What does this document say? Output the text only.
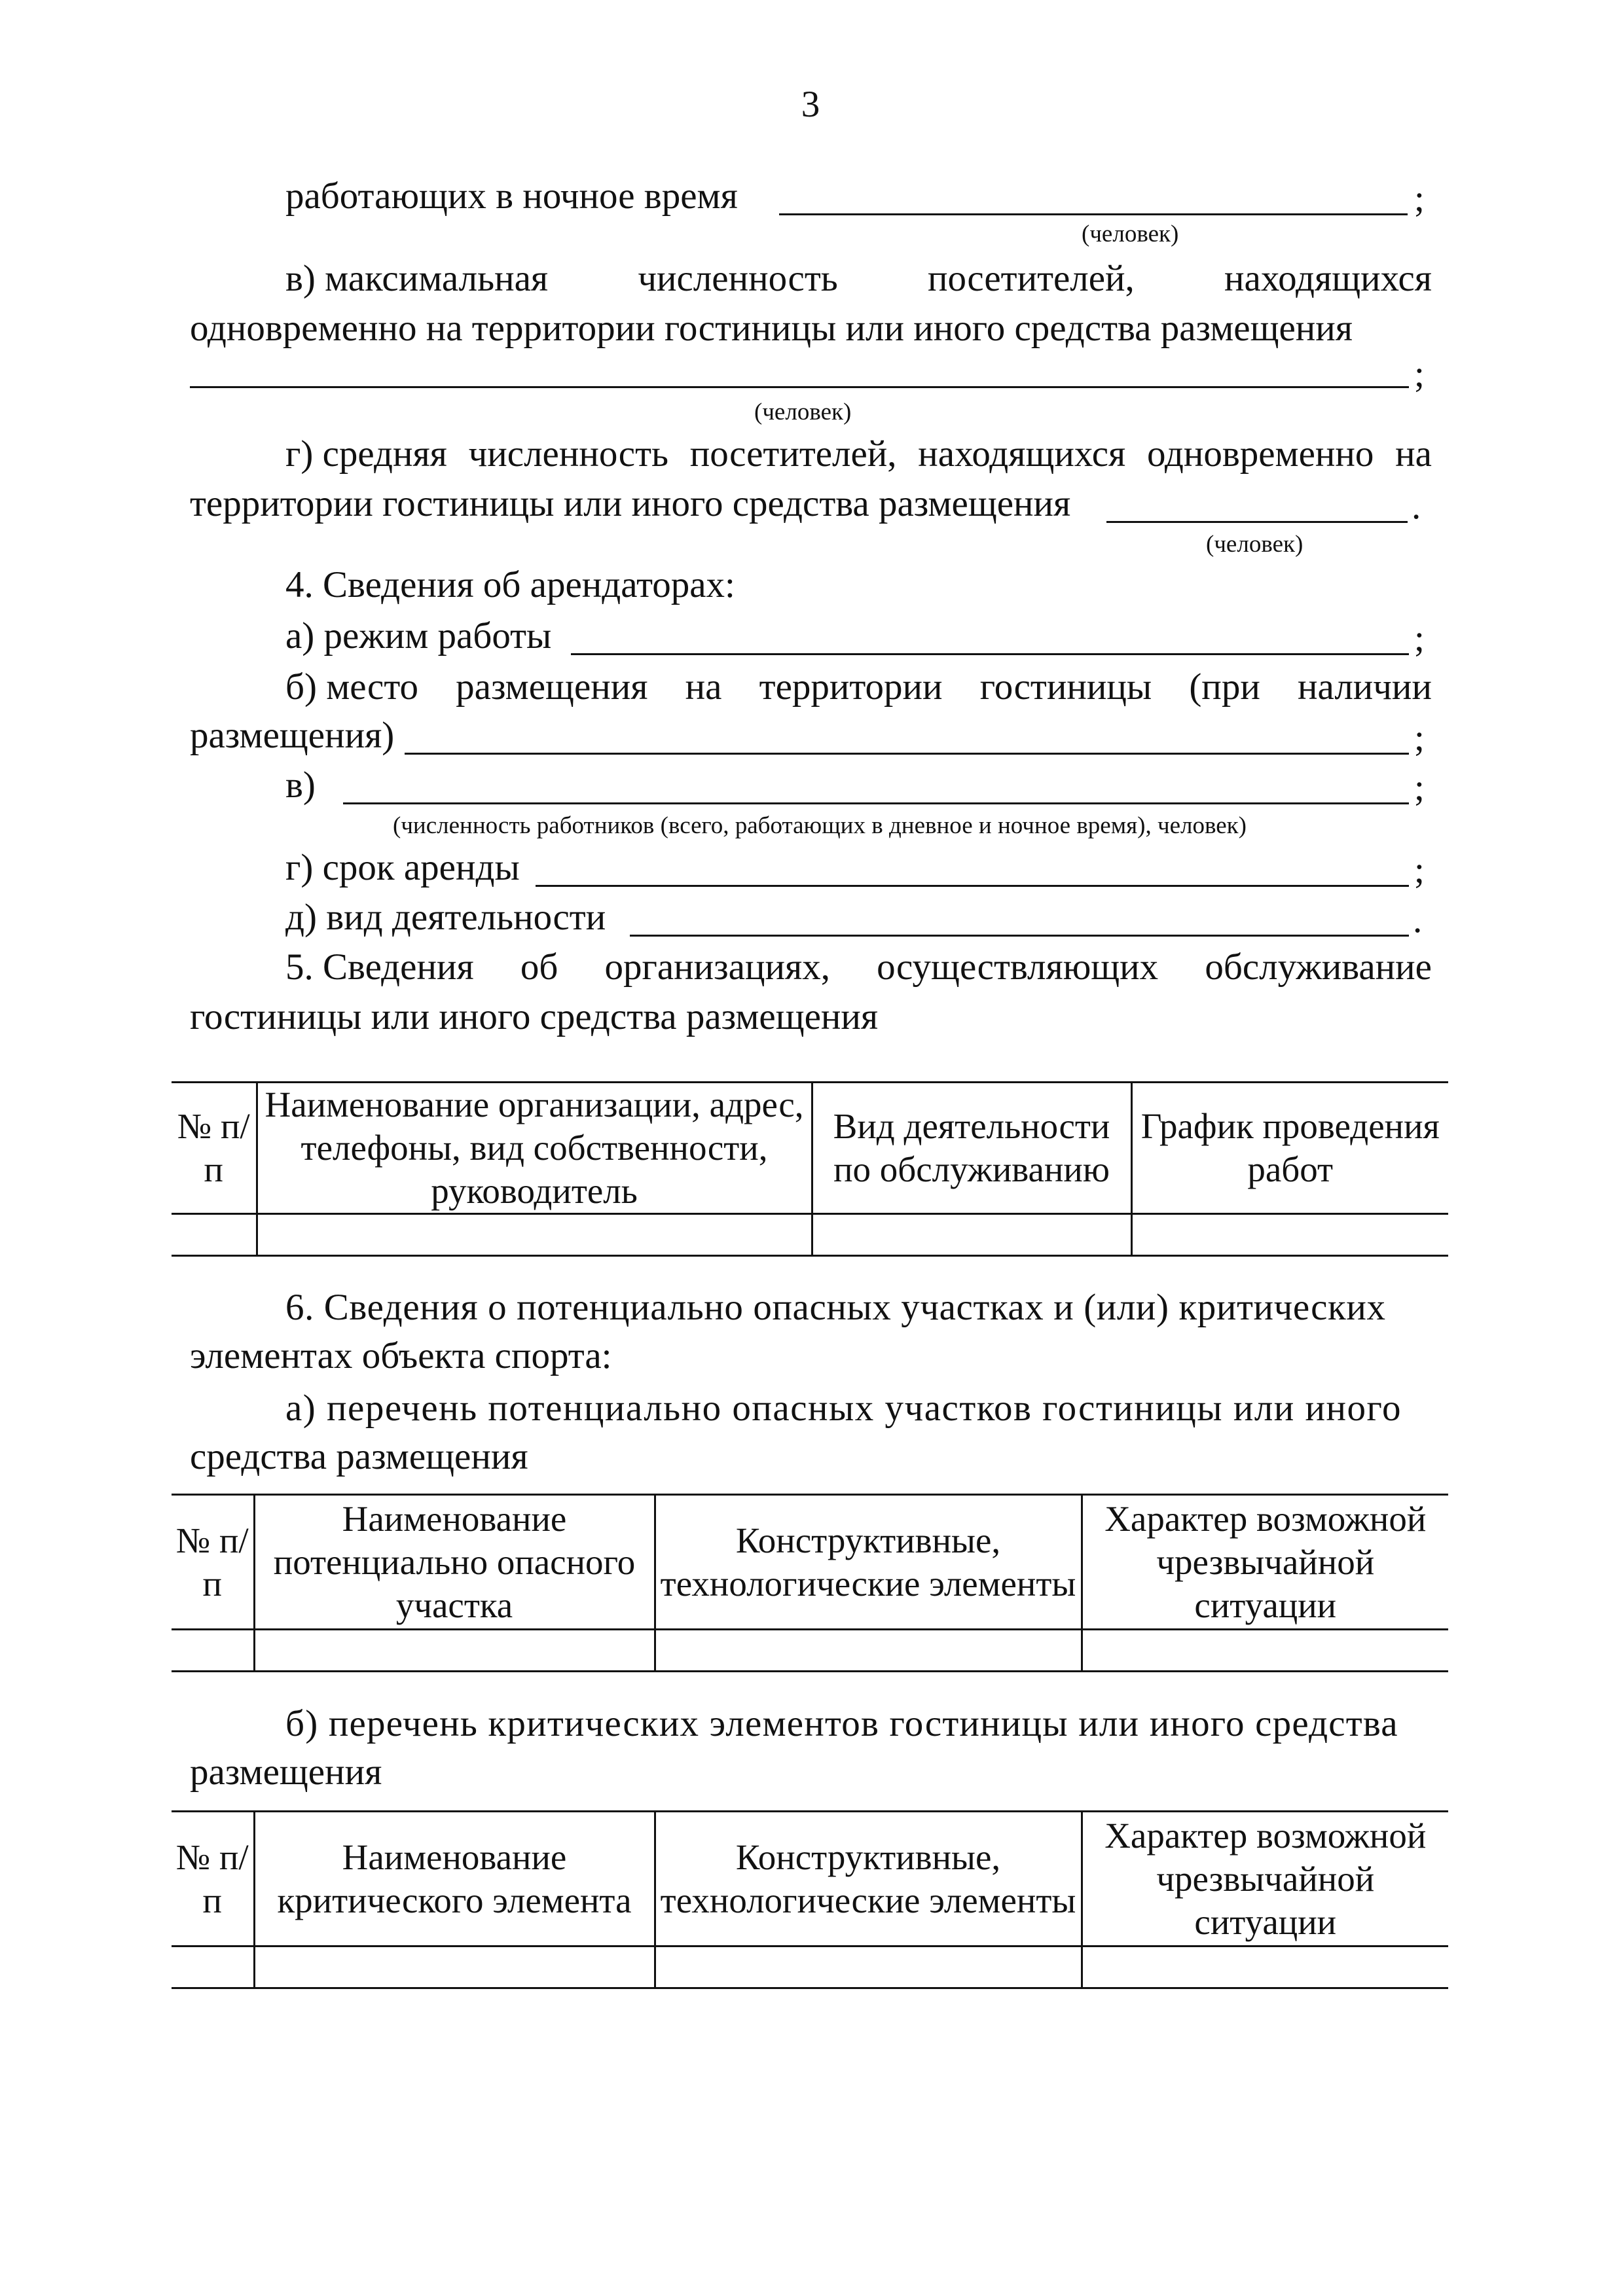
3
работающих в ночное время	;
(человек)
в) максимальная численность посетителей, находящихся
одновременно на территории гостиницы или иного средства размещения
;
(человек)
г) средняя численность посетителей, находящихся одновременно на
территории гостиницы или иного средства размещения	.
(человек)
4. Сведения об арендаторах:
а) режим работы	;
б) место размещения на территории гостиницы (при наличии
размещения)	;
в)	;
(численность работников (всего, работающих в дневное и ночное время), человек)
г) срок аренды	;
д) вид деятельности	.
5. Сведения об организациях, осуществляющих обслуживание
гостиницы или иного средства размещения
№ п/п	Наименование организации, адрес, телефоны, вид собственности, руководитель	Вид деятельности по обслуживанию	График проведения работ

6. Сведения о потенциально опасных участках и (или) критических
элементах объекта спорта:
а) перечень потенциально опасных участков гостиницы или иного
средства размещения
№ п/п	Наименование потенциально опасного участка	Конструктивные, технологические элементы	Характер возможной чрезвычайной ситуации

б) перечень критических элементов гостиницы или иного средства
размещения
№ п/п	Наименование критического элемента	Конструктивные, технологические элементы	Характер возможной чрезвычайной ситуации
